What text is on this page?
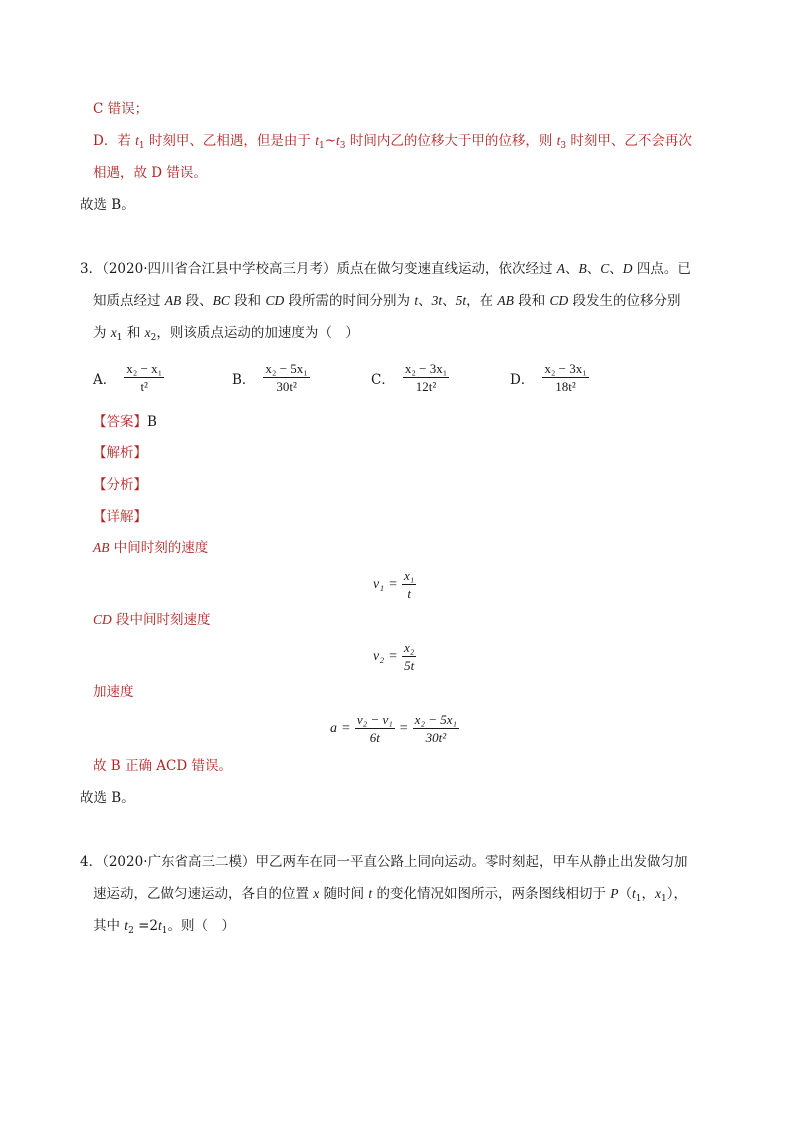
C 错误；
D．若 $t_1$ 时刻甲、乙相遇，但是由于 $t_1\sim t_3$ 时间内乙的位移大于甲的位移，则 $t_3$ 时刻甲、乙不会再次
相遇，故 D 错误。
故选 B。
3．（2020·四川省合江县中学校高三月考）质点在做匀变速直线运动，依次经过 A、B、C、D 四点。已
知质点经过 AB 段、BC 段和 CD 段所需的时间分别为 t、3t、5t，在 AB 段和 CD 段发生的位移分别
为 $x_1$ 和 $x_2$，则该质点运动的加速度为（　）
A． $\frac{\text{x₂ − x₁}}{\text{t²}}$	B． $\frac{\text{x₂ − 5x₁}}{\text{30t²}}$	C． $\frac{\text{x₂ − 3x₁}}{\text{12t²}}$	D． $\frac{\text{x₂ − 3x₁}}{\text{18t²}}$
【答案】B
【解析】
【分析】
【详解】
AB 中间时刻的速度
$v_1 = \frac{\text{x₁}}{t}$
CD 段中间时刻速度
$v_2 = \frac{\text{x₂}}{5t}$
加速度
$a = \frac{\text{v₂ − v₁}}{6t} = \frac{\text{x₂ − 5x₁}}{\text{30t²}}$
故 B 正确 ACD 错误。
故选 B。
4．（2020·广东省高三二模）甲乙两车在同一平直公路上同向运动。零时刻起，甲车从静止出发做匀加
速运动，乙做匀速运动，各自的位置 x 随时间 t 的变化情况如图所示，两条图线相切于 $P(t_1$，$x_1$），
其中 $t_2 =2t_1$。则（　）
